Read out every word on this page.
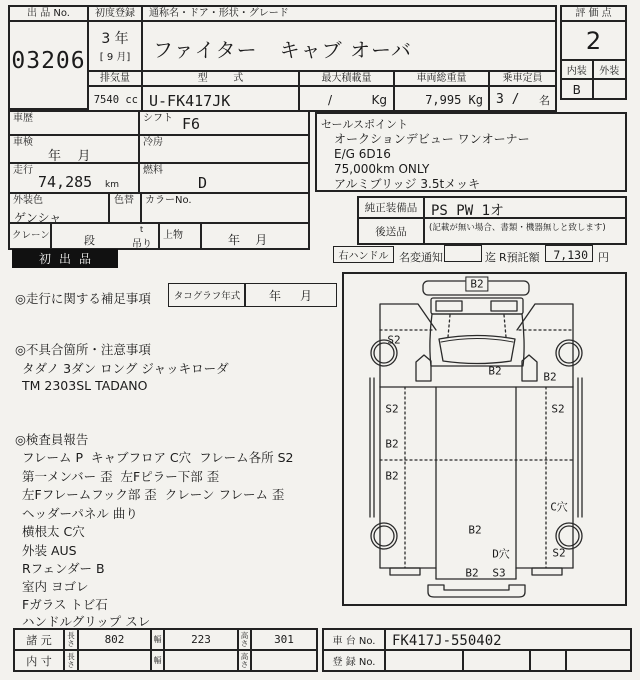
出 品 No.
03206
初度登録
3 年
[ 9 月]
通称名・ドア・形状・グレード
ファイター   キャブ オーバ
排気量
7540 cc
型        式
U-FK417JK
最大積載量
/	Kg
車両総重量
7,995 Kg
乗車定員
3 / 名
評 価 点
2
内装	外装
B
車歴	シフト F6
車検
年    月
冷房
走行
74,285 km
燃料
D
外装色
ゲンシャ
色替 カラーNo.
クレーン	段
t
吊り
上物	年    月
セールスポイント
オークションデビュー ワンオーナー
E/G 6D16
75,000km ONLY
アルミブリッジ 3.5tメッキ
純正装備品 PS PW 1オ
後送品	(記載が無い場合、書類・機器無しと致します)
初出品	右ハンドル 名変通知	迄 R預託額 7,130 円
◎走行に関する補足事項	タコグラフ年式	年     月
B2
S2
B2	B2
S2
B2
B2
S2
C穴
S2
B2
D穴
B2 S3
◎不具合箇所・注意事項
タダノ 3ダン ロング ジャッキローダ
TM 2303SL TADANO
◎検査員報告
フレーム P  キャブフロア C穴  フレーム各所 S2
第一メンバー 歪  左Fピラー下部 歪
左Fフレームフック部 歪  クレーン フレーム 歪
ヘッダーパネル 曲り
横根太 C穴
外装 AUS
Rフェンダー B
室内 ヨゴレ
Fガラス トビ石
ハンドルグリップ スレ
諸 元	長さ	802	幅	223	高さ	301
内 寸	長さ	幅	高さ
車 台 No.	FK417J-550402
登 録 No.
